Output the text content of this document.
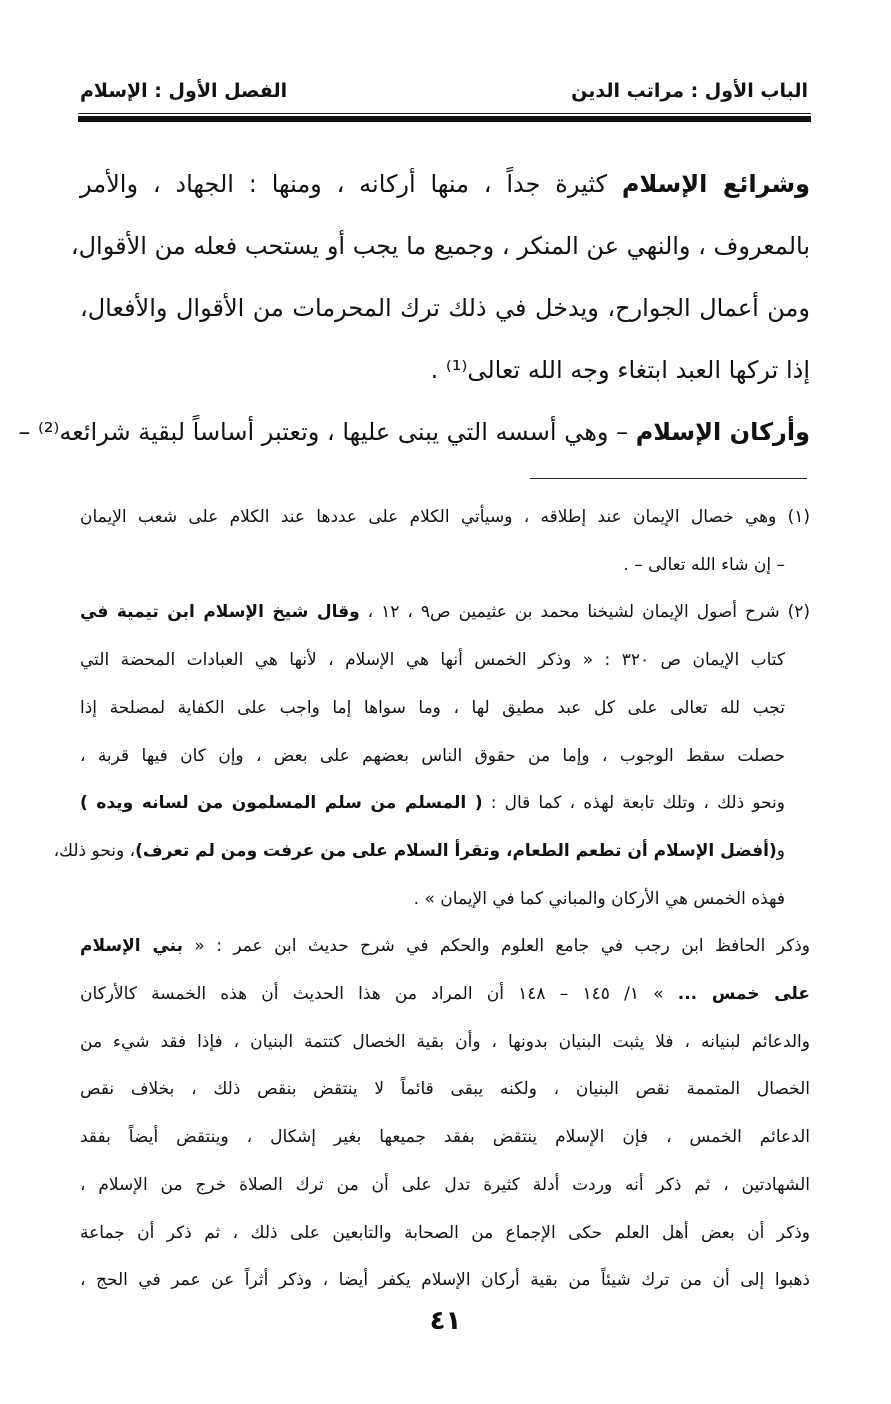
الباب الأول : مراتب الدين
الفصل الأول : الإسلام
وشرائع الإسلام كثيرة جداً ، منها أركانه ، ومنها : الجهاد ، والأمر
بالمعروف ، والنهي عن المنكر ، وجميع ما يجب أو يستحب فعله من الأقوال،
ومن أعمال الجوارح، ويدخل في ذلك ترك المحرمات من الأقوال والأفعال،
إذا تركها العبد ابتغاء وجه الله تعالى⁽¹⁾ .
وأركان الإسلام – وهي أسسه التي يبنى عليها ، وتعتبر أساساً لبقية شرائعه⁽²⁾ –
(١) وهي خصال الإيمان عند إطلاقه ، وسيأتي الكلام على عددها عند الكلام على شعب الإيمان
– إن شاء الله تعالى – .
(٢) شرح أصول الإيمان لشيخنا محمد بن عثيمين ص٩ ، ١٢ ، وقال شيخ الإسلام ابن تيمية في
كتاب الإيمان ص ٣٢٠ : « وذكر الخمس أنها هي الإسلام ، لأنها هي العبادات المحضة التي
تجب لله تعالى على كل عبد مطيق لها ، وما سواها إما واجب على الكفاية لمصلحة إذا
حصلت سقط الوجوب ، وإما من حقوق الناس بعضهم على بعض ، وإن كان فيها قربة ،
ونحو ذلك ، وتلك تابعة لهذه ، كما قال : ( المسلم من سلم المسلمون من لسانه ويده )
و(أفضل الإسلام أن تطعم الطعام، وتقرأ السلام على من عرفت ومن لم تعرف)، ونحو ذلك،
فهذه الخمس هي الأركان والمباني كما في الإيمان » .
وذكر الحافظ ابن رجب في جامع العلوم والحكم في شرح حديث ابن عمر : « بني الإسلام
على خمس ... » ١/ ١٤٥ – ١٤٨ أن المراد من هذا الحديث أن هذه الخمسة كالأركان
والدعائم لبنيانه ، فلا يثبت البنيان بدونها ، وأن بقية الخصال كتتمة البنيان ، فإذا فقد شيء من
الخصال المتممة نقص البنيان ، ولكنه يبقى قائماً لا ينتقض بنقص ذلك ، بخلاف نقص
الدعائم الخمس ، فإن الإسلام ينتقض بفقد جميعها بغير إشكال ، وينتقض أيضاً بفقد
الشهادتين ، ثم ذكر أنه وردت أدلة كثيرة تدل على أن من ترك الصلاة خرج من الإسلام ،
وذكر أن بعض أهل العلم حكى الإجماع من الصحابة والتابعين على ذلك ، ثم ذكر أن جماعة
ذهبوا إلى أن من ترك شيئاً من بقية أركان الإسلام يكفر أيضا ، وذكر أثراً عن عمر في الحج ،
٤١
